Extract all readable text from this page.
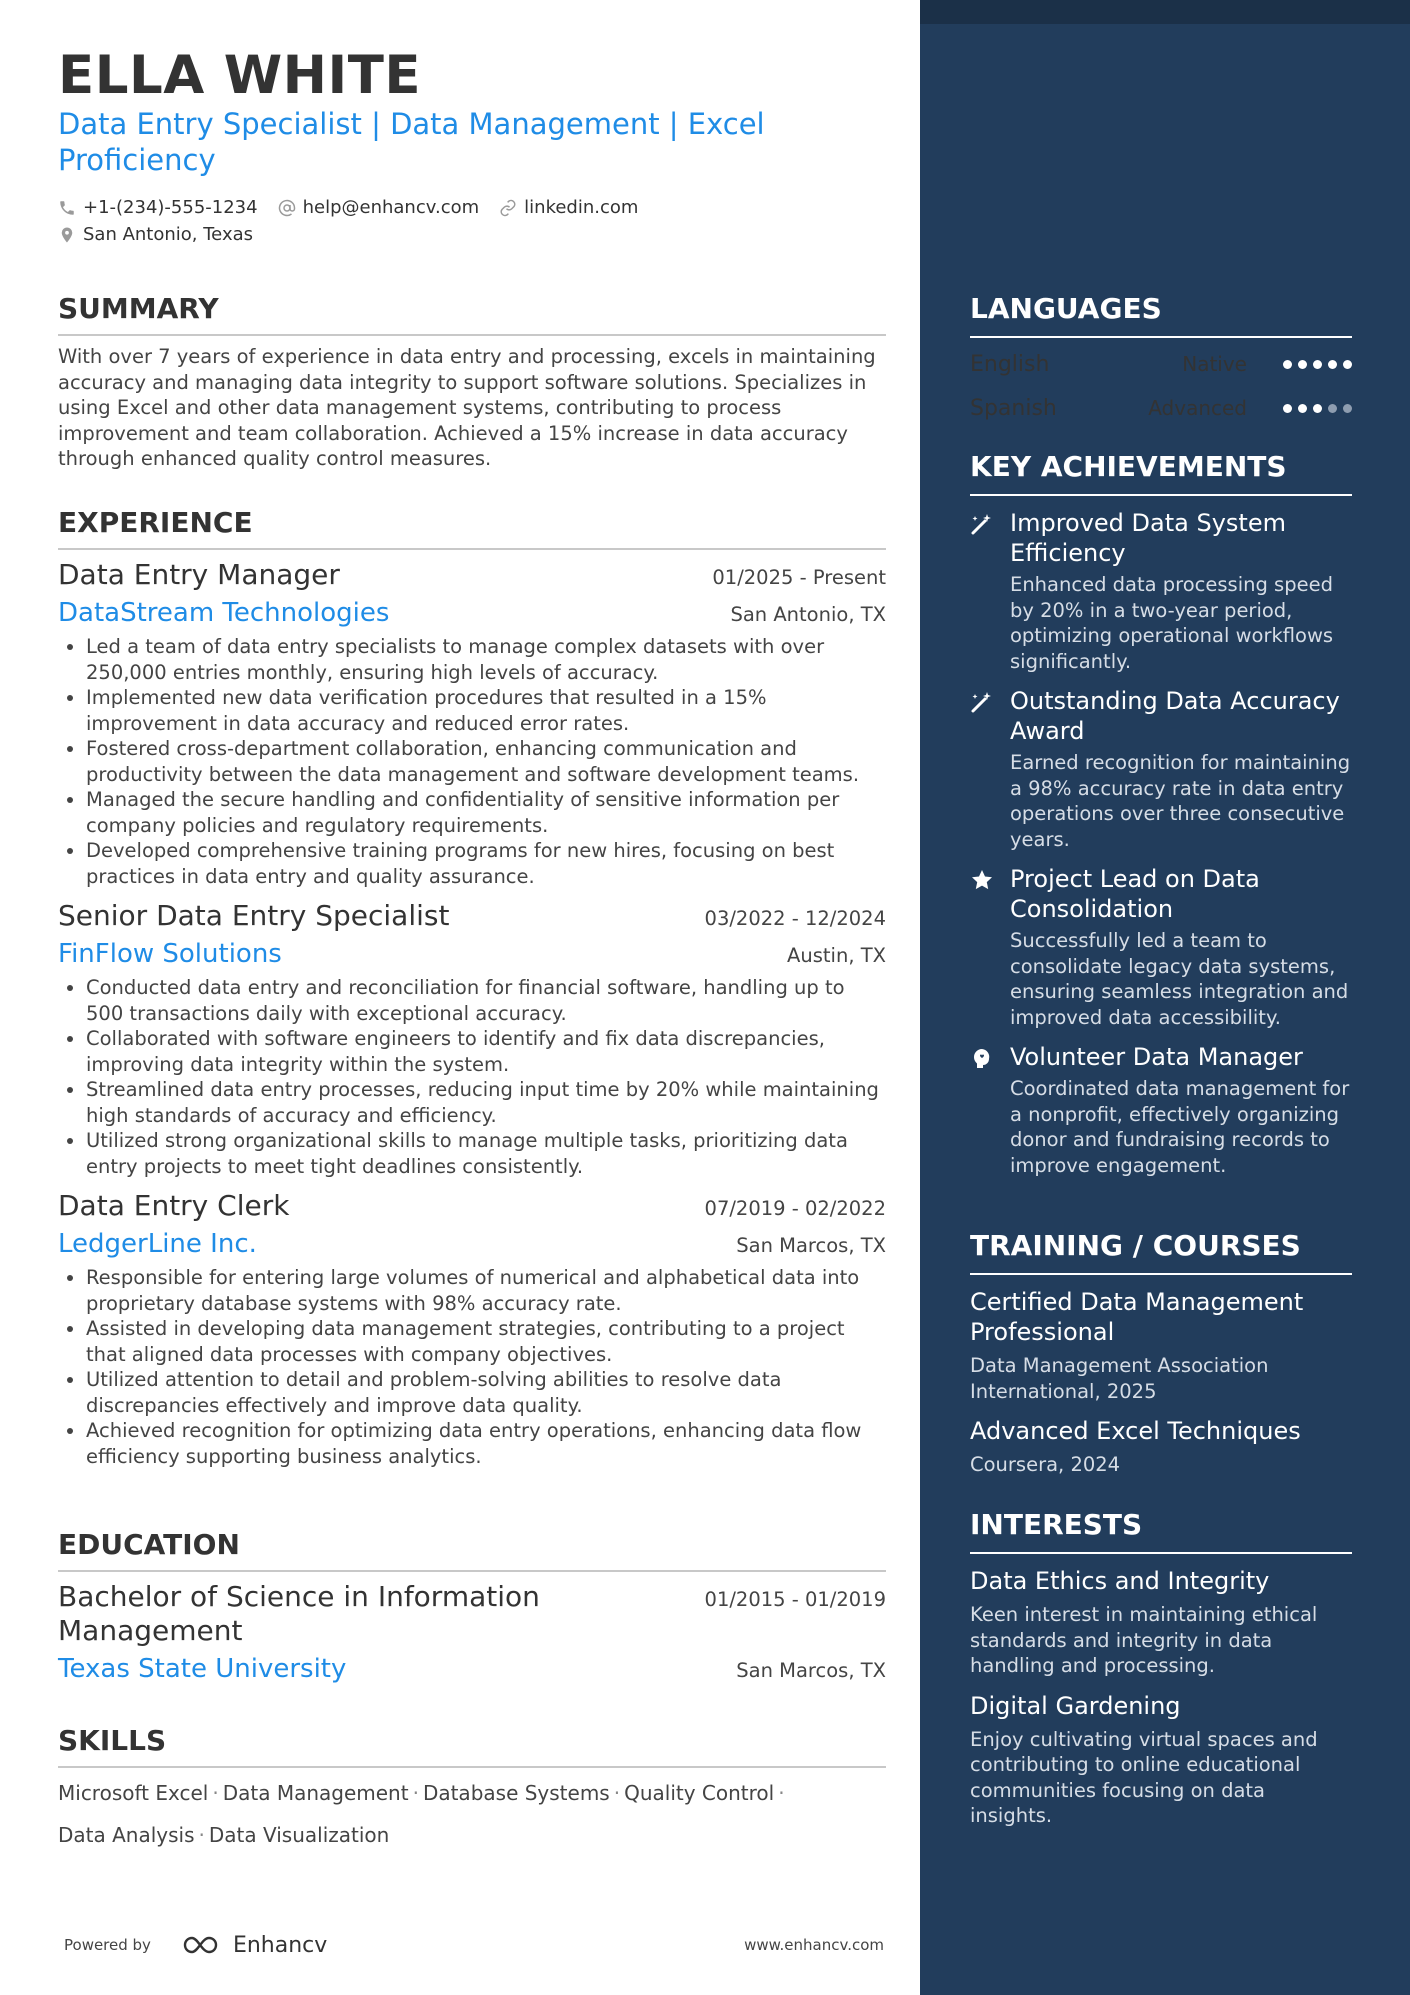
ELLA WHITE
Data Entry Specialist | Data Management | Excel Proficiency
+1-(234)-555-1234	help@enhancv.com	linkedin.com
San Antonio, Texas
SUMMARY
With over 7 years of experience in data entry and processing, excels in maintaining accuracy and managing data integrity to support software solutions. Specializes in using Excel and other data management systems, contributing to process improvement and team collaboration. Achieved a 15% increase in data accuracy through enhanced quality control measures.
EXPERIENCE
Data Entry Manager	01/2025 - Present
DataStream Technologies	San Antonio, TX
• Led a team of data entry specialists to manage complex datasets with over 250,000 entries monthly, ensuring high levels of accuracy.
• Implemented new data verification procedures that resulted in a 15% improvement in data accuracy and reduced error rates.
• Fostered cross-department collaboration, enhancing communication and productivity between the data management and software development teams.
• Managed the secure handling and confidentiality of sensitive information per company policies and regulatory requirements.
• Developed comprehensive training programs for new hires, focusing on best practices in data entry and quality assurance.
Senior Data Entry Specialist	03/2022 - 12/2024
FinFlow Solutions	Austin, TX
• Conducted data entry and reconciliation for financial software, handling up to 500 transactions daily with exceptional accuracy.
• Collaborated with software engineers to identify and fix data discrepancies, improving data integrity within the system.
• Streamlined data entry processes, reducing input time by 20% while maintaining high standards of accuracy and efficiency.
• Utilized strong organizational skills to manage multiple tasks, prioritizing data entry projects to meet tight deadlines consistently.
Data Entry Clerk	07/2019 - 02/2022
LedgerLine Inc.	San Marcos, TX
• Responsible for entering large volumes of numerical and alphabetical data into proprietary database systems with 98% accuracy rate.
• Assisted in developing data management strategies, contributing to a project that aligned data processes with company objectives.
• Utilized attention to detail and problem-solving abilities to resolve data discrepancies effectively and improve data quality.
• Achieved recognition for optimizing data entry operations, enhancing data flow efficiency supporting business analytics.
EDUCATION
Bachelor of Science in Information Management
01/2015 - 01/2019
Texas State University	San Marcos, TX
SKILLS
Microsoft Excel · Data Management · Database Systems · Quality Control ·
Data Analysis · Data Visualization
Powered by	Enhancv	www.enhancv.com
LANGUAGES
English	Native
Spanish	Advanced
KEY ACHIEVEMENTS
Improved Data System Efficiency
Enhanced data processing speed by 20% in a two-year period, optimizing operational workflows significantly.
Outstanding Data Accuracy Award
Earned recognition for maintaining a 98% accuracy rate in data entry operations over three consecutive years.
Project Lead on Data Consolidation
Successfully led a team to consolidate legacy data systems, ensuring seamless integration and improved data accessibility.
Volunteer Data Manager
Coordinated data management for a nonprofit, effectively organizing donor and fundraising records to improve engagement.
TRAINING / COURSES
Certified Data Management Professional
Data Management Association International, 2025
Advanced Excel Techniques
Coursera, 2024
INTERESTS
Data Ethics and Integrity
Keen interest in maintaining ethical standards and integrity in data handling and processing.
Digital Gardening
Enjoy cultivating virtual spaces and contributing to online educational communities focusing on data insights.
